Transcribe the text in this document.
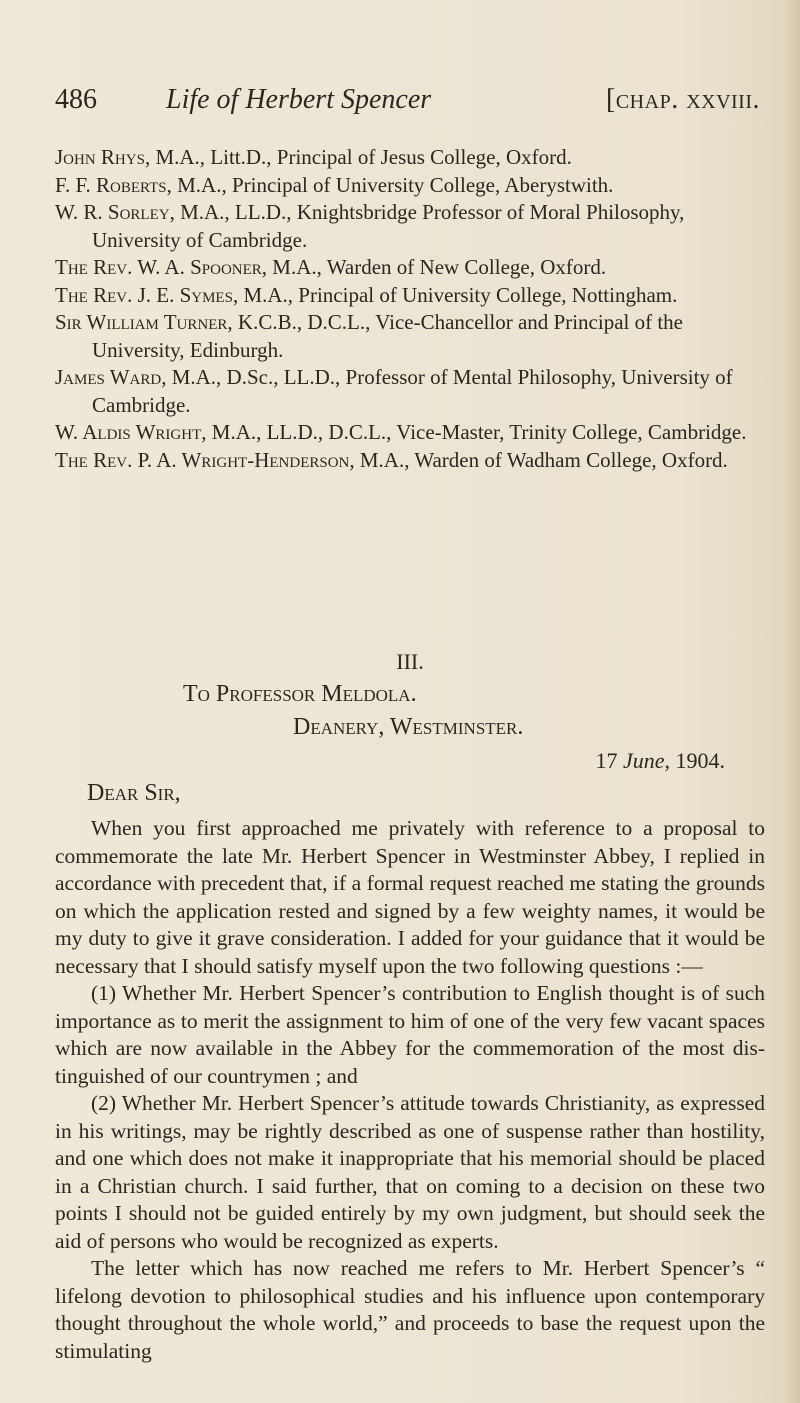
486 Life of Herbert Spencer	[chap. xxviii.

John Rhys, M.A., Litt.D., Principal of Jesus College, Oxford.

F. F. Roberts, M.A., Principal of University College, Aberystwith.

W. R. Sorley, M.A., LL.D., Knightsbridge Professor of Moral Philosophy, University of Cambridge.

The Rev. W. A. Spooner, M.A., Warden of New College, Oxford.

The Rev. J. E. Symes, M.A., Principal of University College, Nottingham.

Sir William Turner, K.C.B., D.C.L., Vice-Chancellor and Principal of the University, Edinburgh.

James Ward, M.A., D.Sc., LL.D., Professor of Mental Philosophy, University of Cambridge.

W. Aldis Wright, M.A., LL.D., D.C.L., Vice-Master, Trinity College, Cambridge.

The Rev. P. A. Wright-Henderson, M.A., Warden of Wadham College, Oxford.

III.
To Professor Meldola.
Deanery, Westminster.
17 June, 1904.
Dear Sir,

When you first approached me privately with reference to a proposal to commemorate the late Mr. Herbert Spencer in Westminster Abbey, I replied in accordance with precedent that, if a formal request reached me stating the grounds on which the application rested and signed by a few weighty names, it would be my duty to give it grave consideration. I added for your guidance that it would be necessary that I should satisfy myself upon the two following questions :—

(1) Whether Mr. Herbert Spencer’s contribution to English thought is of such importance as to merit the assignment to him of one of the very few vacant spaces which are now available in the Abbey for the commemoration of the most distinguished of our countrymen ; and

(2) Whether Mr. Herbert Spencer’s attitude towards Christianity, as expressed in his writings, may be rightly described as one of suspense rather than hostility, and one which does not make it inappropriate that his memorial should be placed in a Christian church. I said further, that on coming to a decision on these two points I should not be guided entirely by my own judgment, but should seek the aid of persons who would be recognized as experts.

The letter which has now reached me refers to Mr. Herbert Spencer’s “ lifelong devotion to philosophical studies and his influence upon contemporary thought throughout the whole world,” and proceeds to base the request upon the stimulating
